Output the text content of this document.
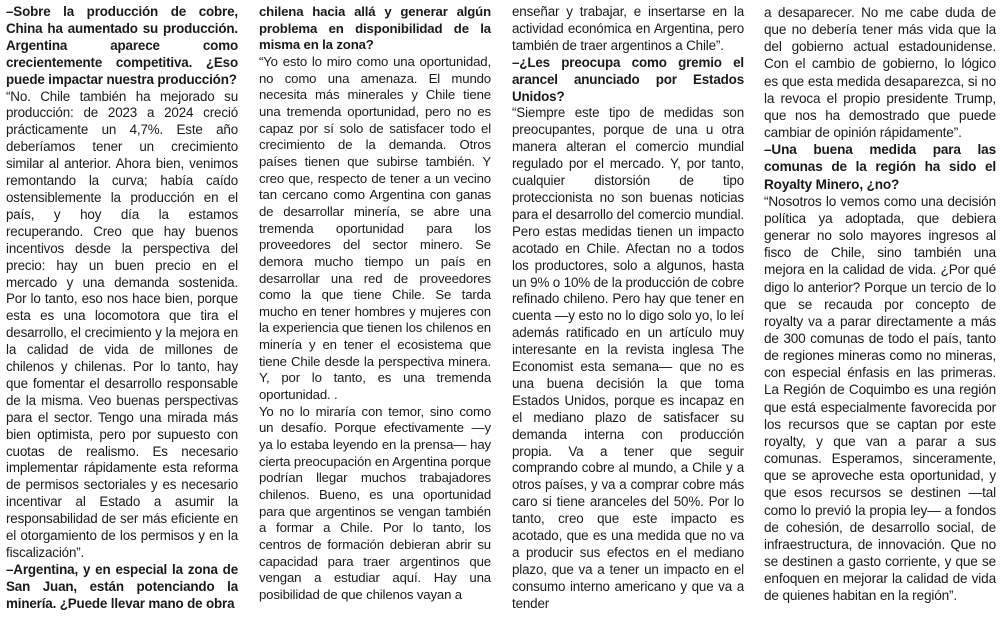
–Sobre la producción de cobre, China ha aumentado su producción. Argentina aparece como crecientemente competitiva. ¿Eso puede impactar nuestra producción?

“No. Chile también ha mejorado su producción: de 2023 a 2024 creció prácticamente un 4,7%. Este año deberíamos tener un crecimiento similar al anterior. Ahora bien, venimos remontando la curva; había caído ostensiblemente la producción en el país, y hoy día la estamos recuperando. Creo que hay buenos incentivos desde la perspectiva del precio: hay un buen precio en el mercado y una demanda sostenida. Por lo tanto, eso nos hace bien, porque esta es una locomotora que tira el desarrollo, el crecimiento y la mejora en la calidad de vida de millones de chilenos y chilenas. Por lo tanto, hay que fomentar el desarrollo responsable de la misma. Veo buenas perspectivas para el sector. Tengo una mirada más bien optimista, pero por supuesto con cuotas de realismo. Es necesario implementar rápidamente esta reforma de permisos sectoriales y es necesario incentivar al Estado a asumir la responsabilidad de ser más eficiente en el otorgamiento de los permisos y en la fiscalización”.

–Argentina, y en especial la zona de San Juan, están potenciando la minería. ¿Puede llevar mano de obra

chilena hacia allá y generar algún problema en disponibilidad de la misma en la zona?

“Yo esto lo miro como una oportunidad, no como una amenaza. El mundo necesita más minerales y Chile tiene una tremenda oportunidad, pero no es capaz por sí solo de satisfacer todo el crecimiento de la demanda. Otros países tienen que subirse también. Y creo que, respecto de tener a un vecino tan cercano como Argentina con ganas de desarrollar minería, se abre una tremenda oportunidad para los proveedores del sector minero. Se demora mucho tiempo un país en desarrollar una red de proveedores como la que tiene Chile. Se tarda mucho en tener hombres y mujeres con la experiencia que tienen los chilenos en minería y en tener el ecosistema que tiene Chile desde la perspectiva minera. Y, por lo tanto, es una tremenda oportunidad. .

Yo no lo miraría con temor, sino como un desafío. Porque efectivamente —y ya lo estaba leyendo en la prensa— hay cierta preocupación en Argentina porque podrían llegar muchos trabajadores chilenos. Bueno, es una oportunidad para que argentinos se vengan también a formar a Chile. Por lo tanto, los centros de formación debieran abrir su capacidad para traer argentinos que vengan a estudiar aquí. Hay una posibilidad de que chilenos vayan a

enseñar y trabajar, e insertarse en la actividad económica en Argentina, pero también de traer argentinos a Chile”.

–¿Les preocupa como gremio el arancel anunciado por Estados Unidos?

“Siempre este tipo de medidas son preocupantes, porque de una u otra manera alteran el comercio mundial regulado por el mercado. Y, por tanto, cualquier distorsión de tipo proteccionista no son buenas noticias para el desarrollo del comercio mundial. Pero estas medidas tienen un impacto acotado en Chile. Afectan no a todos los productores, solo a algunos, hasta un 9% o 10% de la producción de cobre refinado chileno. Pero hay que tener en cuenta —y esto no lo digo solo yo, lo leí además ratificado en un artículo muy interesante en la revista inglesa The Economist esta semana— que no es una buena decisión la que toma Estados Unidos, porque es incapaz en el mediano plazo de satisfacer su demanda interna con producción propia. Va a tener que seguir comprando cobre al mundo, a Chile y a otros países, y va a comprar cobre más caro si tiene aranceles del 50%. Por lo tanto, creo que este impacto es acotado, que es una medida que no va a producir sus efectos en el mediano plazo, que va a tener un impacto en el consumo interno americano y que va a tender

a desaparecer. No me cabe duda de que no debería tener más vida que la del gobierno actual estadounidense. Con el cambio de gobierno, lo lógico es que esta medida desaparezca, si no la revoca el propio presidente Trump, que nos ha demostrado que puede cambiar de opinión rápidamente”.

–Una buena medida para las comunas de la región ha sido el Royalty Minero, ¿no?

“Nosotros lo vemos como una decisión política ya adoptada, que debiera generar no solo mayores ingresos al fisco de Chile, sino también una mejora en la calidad de vida. ¿Por qué digo lo anterior? Porque un tercio de lo que se recauda por concepto de royalty va a parar directamente a más de 300 comunas de todo el país, tanto de regiones mineras como no mineras, con especial énfasis en las primeras. La Región de Coquimbo es una región que está especialmente favorecida por los recursos que se captan por este royalty, y que van a parar a sus comunas. Esperamos, sinceramente, que se aproveche esta oportunidad, y que esos recursos se destinen —tal como lo previó la propia ley— a fondos de cohesión, de desarrollo social, de infraestructura, de innovación. Que no se destinen a gasto corriente, y que se enfoquen en mejorar la calidad de vida de quienes habitan en la región”.
